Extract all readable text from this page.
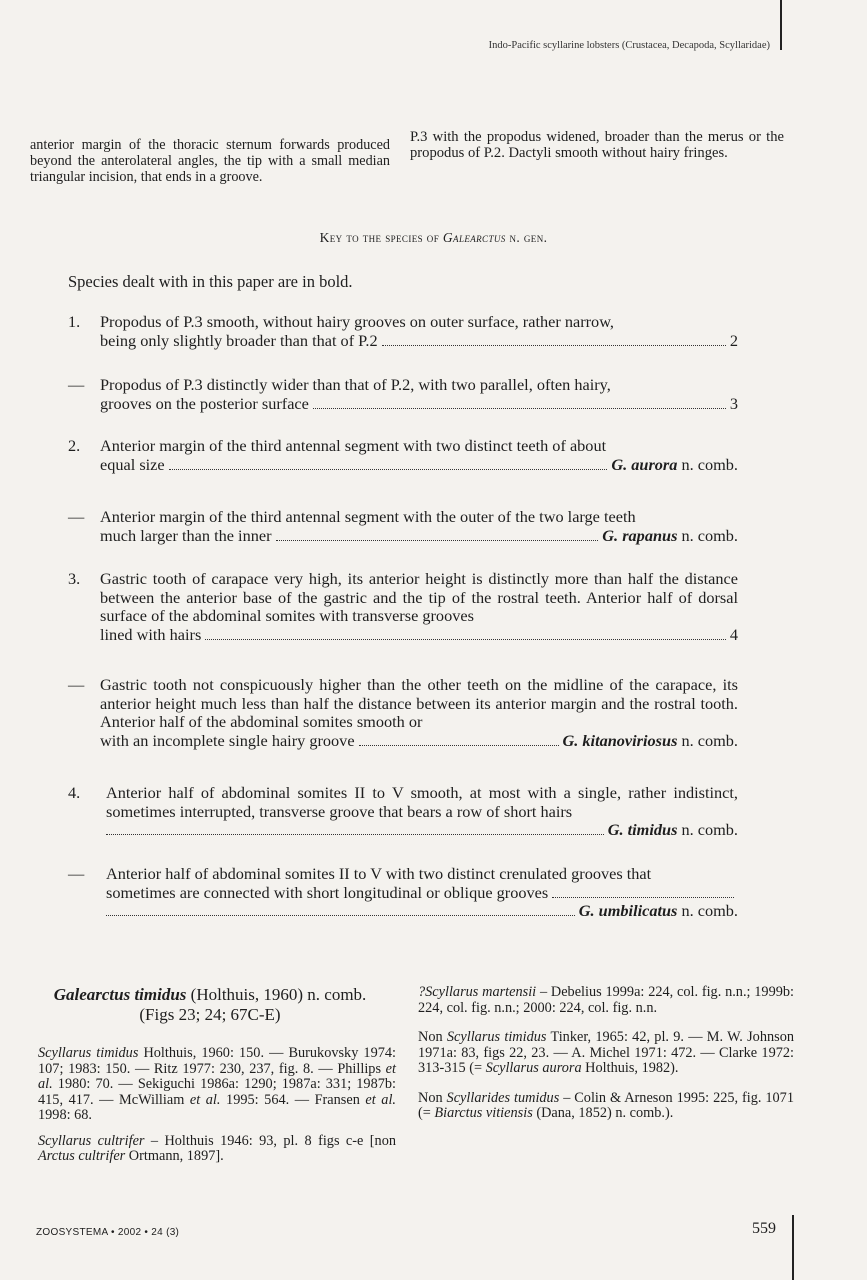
Indo-Pacific scyllarine lobsters (Crustacea, Decapoda, Scyllaridae)
anterior margin of the thoracic sternum forwards produced beyond the anterolateral angles, the tip with a small median triangular incision, that ends in a groove.
P.3 with the propodus widened, broader than the merus or the propodus of P.2. Dactyli smooth without hairy fringes.
Key to the species of Galearctus n. gen.
Species dealt with in this paper are in bold.
1.	Propodus of P.3 smooth, without hairy grooves on outer surface, rather narrow,
being only slightly broader than that of P.2	2
— Propodus of P.3 distinctly wider than that of P.2, with two parallel, often hairy,
grooves on the posterior surface	3
2.	Anterior margin of the third antennal segment with two distinct teeth of about
equal size	G. aurora n. comb.
— Anterior margin of the third antennal segment with the outer of the two large teeth
much larger than the inner	G. rapanus n. comb.
3.	Gastric tooth of carapace very high, its anterior height is distinctly more than half the distance between the anterior base of the gastric and the tip of the rostral teeth. Anterior half of dorsal surface of the abdominal somites with transverse grooves
lined with hairs	4
— Gastric tooth not conspicuously higher than the other teeth on the midline of the carapace, its anterior height much less than half the distance between its anterior margin and the rostral tooth. Anterior half of the abdominal somites smooth or
with an incomplete single hairy groove	G. kitanoviriosus n. comb.
4.	Anterior half of abdominal somites II to V smooth, at most with a single, rather indistinct, sometimes interrupted, transverse groove that bears a row of short hairs
G. timidus n. comb.
—	Anterior half of abdominal somites II to V with two distinct crenulated grooves that
sometimes are connected with short longitudinal or oblique grooves
G. umbilicatus n. comb.
Galearctus timidus (Holthuis, 1960) n. comb.
(Figs 23; 24; 67C-E)

Scyllarus timidus Holthuis, 1960: 150. — Burukovsky 1974: 107; 1983: 150. — Ritz 1977: 230, 237, fig. 8. — Phillips et al. 1980: 70. — Sekiguchi 1986a: 1290; 1987a: 331; 1987b: 415, 417. — McWilliam et al. 1995: 564. — Fransen et al. 1998: 68.

Scyllarus cultrifer – Holthuis 1946: 93, pl. 8 figs c-e [non Arctus cultrifer Ortmann, 1897].

?Scyllarus martensii – Debelius 1999a: 224, col. fig. n.n.; 1999b: 224, col. fig. n.n.; 2000: 224, col. fig. n.n.

Non Scyllarus timidus Tinker, 1965: 42, pl. 9. — M. W. Johnson 1971a: 83, figs 22, 23. — A. Michel 1971: 472. — Clarke 1972: 313-315 (= Scyllarus aurora Holthuis, 1982).

Non Scyllarides tumidus – Colin & Arneson 1995: 225, fig. 1071 (= Biarctus vitiensis (Dana, 1852) n. comb.).

ZOOSYSTEMA • 2002 • 24 (3)	559
